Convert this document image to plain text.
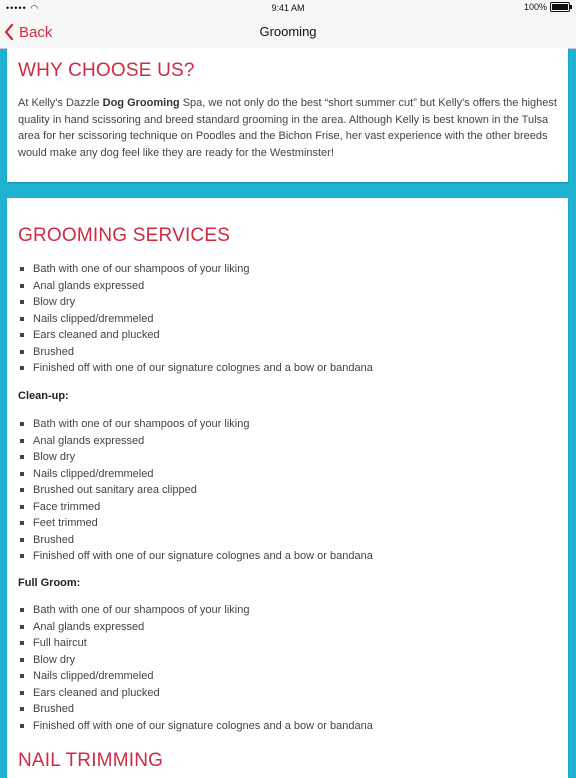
••••• ◠	9:41 AM	100%
Back	Grooming
WHY CHOOSE US?

At Kelly's Dazzle Dog Grooming Spa, we not only do the best “short summer cut” but Kelly's offers the highest quality in hand scissoring and breed standard grooming in the area. Although Kelly is best known in the Tulsa area for her scissoring technique on Poodles and the Bichon Frise, her vast experience with the other breeds would make any dog feel like they are ready for the Westminster!

GROOMING SERVICES
Bath with one of our shampoos of your liking
Anal glands expressed
Blow dry
Nails clipped/dremmeled
Ears cleaned and plucked
Brushed
Finished off with one of our signature colognes and a bow or bandana

Clean-up:

Bath with one of our shampoos of your liking
Anal glands expressed
Blow dry
Nails clipped/dremmeled
Brushed out sanitary area clipped
Face trimmed
Feet trimmed
Brushed
Finished off with one of our signature colognes and a bow or bandana

Full Groom:

Bath with one of our shampoos of your liking
Anal glands expressed
Full haircut
Blow dry
Nails clipped/dremmeled
Ears cleaned and plucked
Brushed
Finished off with one of our signature colognes and a bow or bandana
NAIL TRIMMING
